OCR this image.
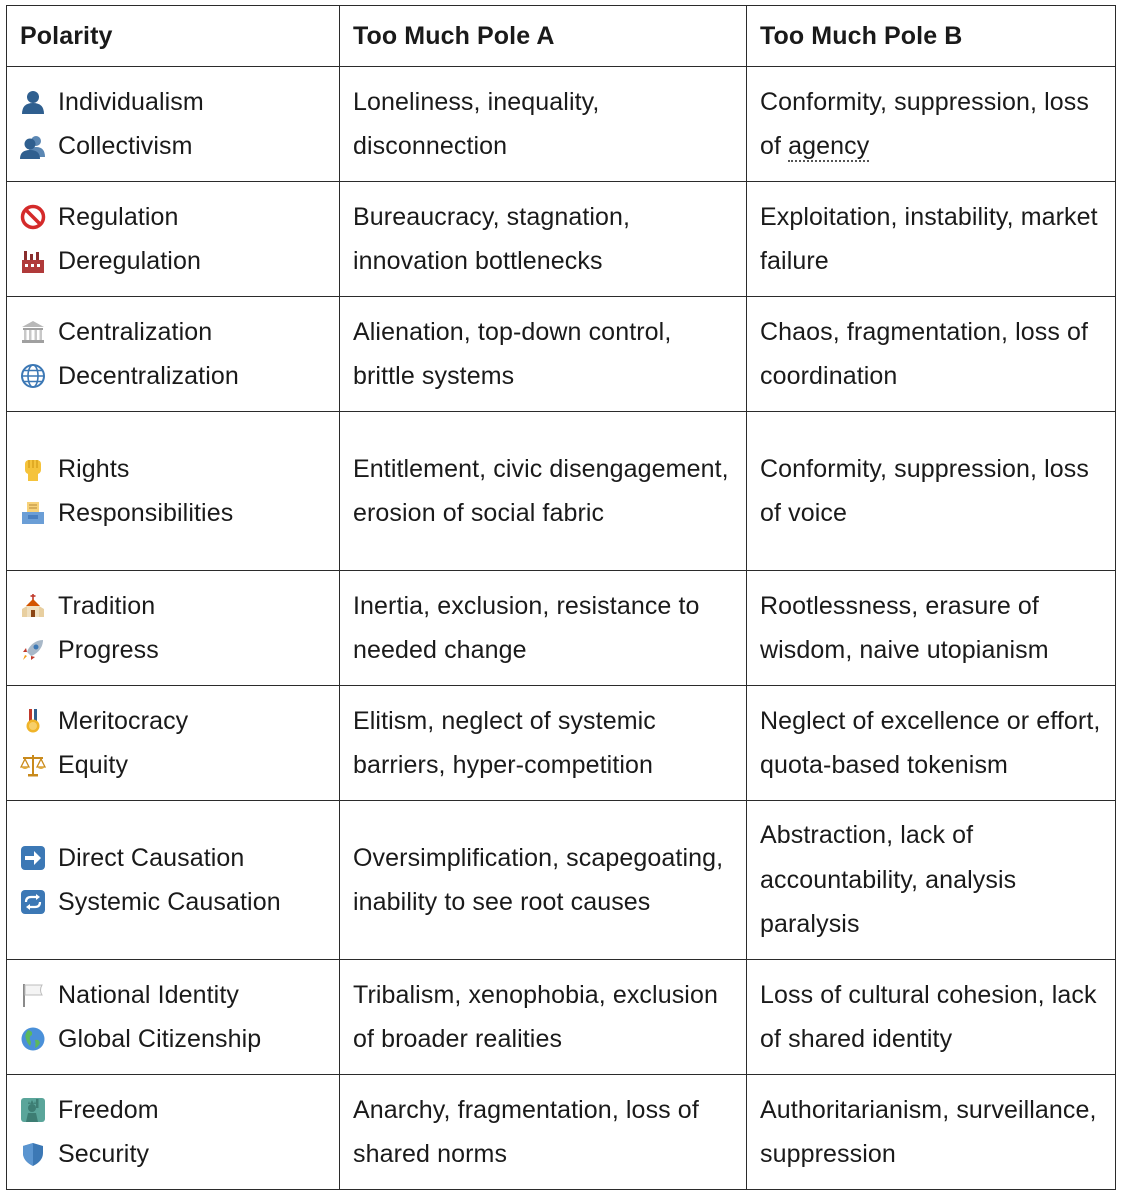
Polarity	Too Much Pole A	Too Much Pole B

Individualism
Collectivism	Loneliness, inequality, disconnection	Conformity, suppression, loss of agency

Regulation
Deregulation	Bureaucracy, stagnation, innovation bottlenecks	Exploitation, instability, market failure

Centralization
Decentralization	Alienation, top-down control, brittle systems	Chaos, fragmentation, loss of coordination

Rights
Responsibilities	Entitlement, civic disengagement, erosion of social fabric	Conformity, suppression, loss of voice

Tradition
Progress	Inertia, exclusion, resistance to needed change	Rootlessness, erasure of wisdom, naive utopianism

Meritocracy
Equity	Elitism, neglect of systemic barriers, hyper-competition	Neglect of excellence or effort, quota-based tokenism

Direct Causation
Systemic Causation	Oversimplification, scapegoating, inability to see root causes	Abstraction, lack of accountability, analysis paralysis

National Identity
Global Citizenship	Tribalism, xenophobia, exclusion of broader realities	Loss of cultural cohesion, lack of shared identity

Freedom
Security	Anarchy, fragmentation, loss of shared norms	Authoritarianism, surveillance, suppression
